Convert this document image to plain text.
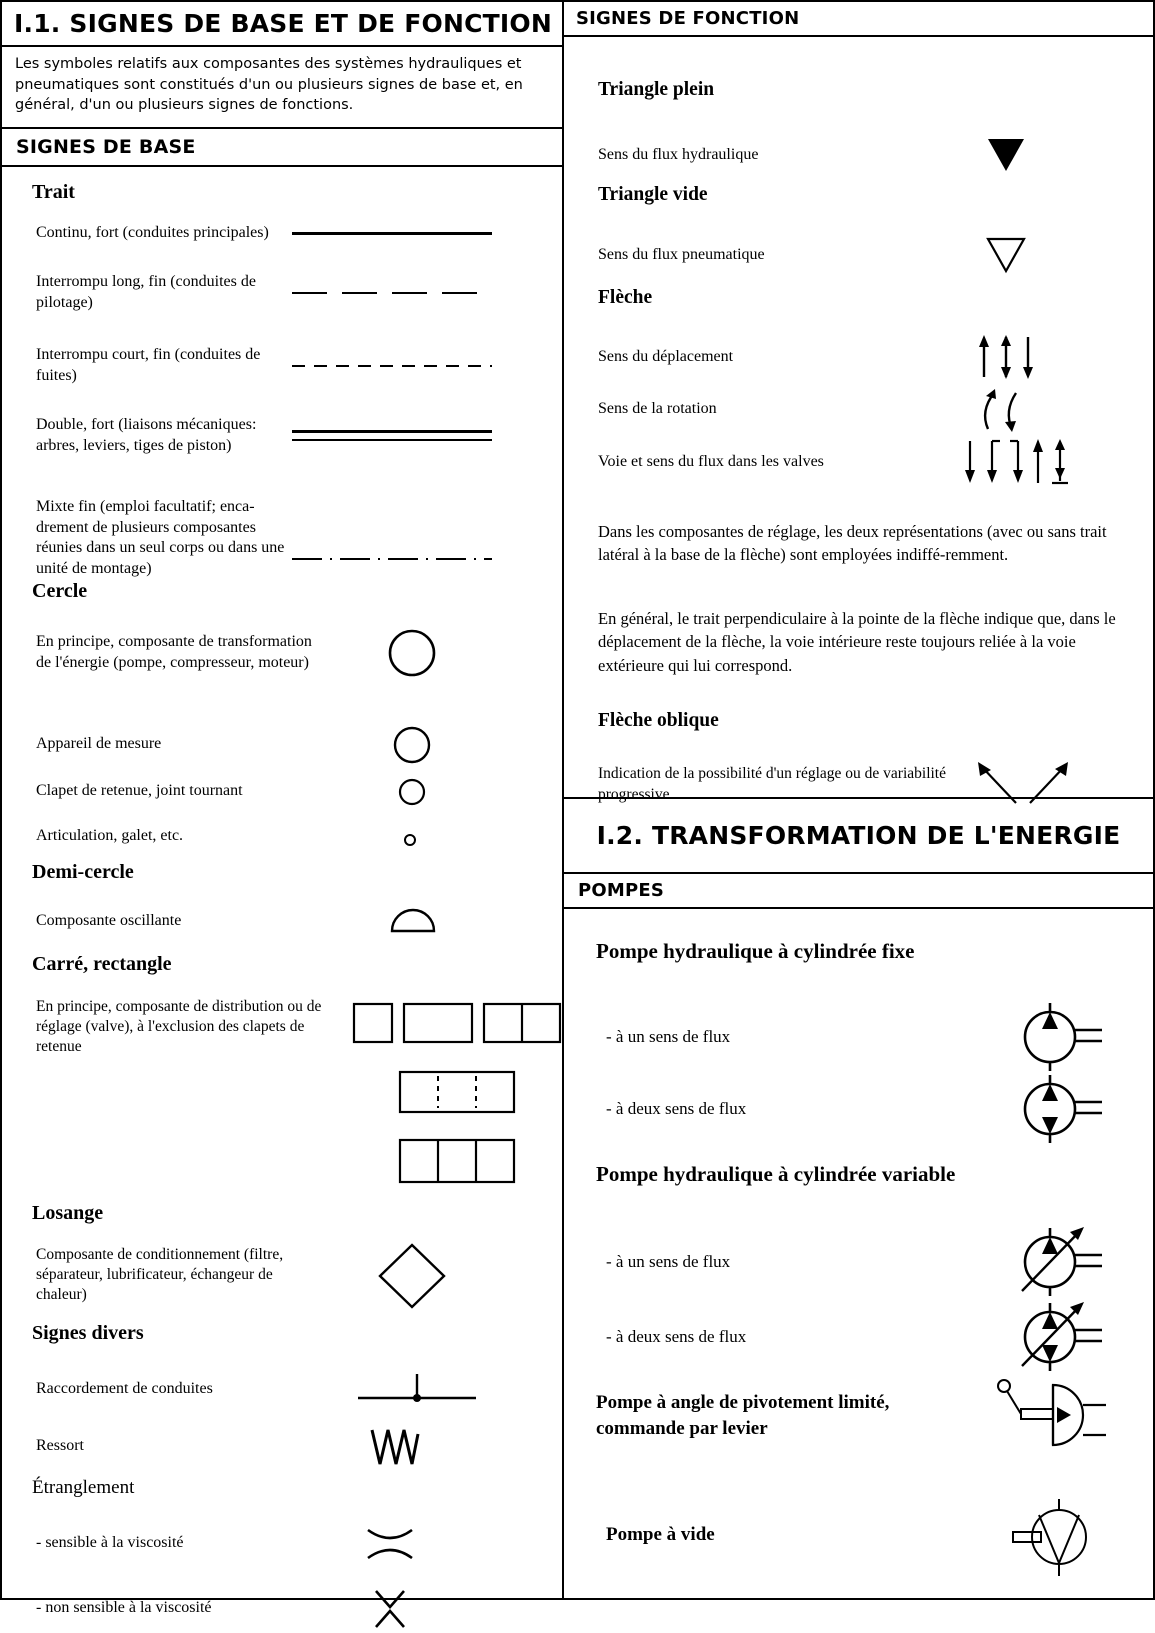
I.1. SIGNES DE BASE ET DE FONCTION
Les symboles relatifs aux composantes des systèmes hydrauliques et pneumatiques sont constitués d'un ou plusieurs signes de base et, en général, d'un ou plusieurs signes de fonctions.
SIGNES DE BASE
Trait
Continu, fort (conduites principales)
Interrompu long, fin (conduites de pilotage)
Interrompu court, fin (conduites de fuites)
Double, fort (liaisons mécaniques: arbres, leviers, tiges de piston)
Mixte fin (emploi facultatif; enca-drement de plusieurs composantes réunies dans un seul corps ou dans une unité de montage)
Cercle
En principe, composante de transformation de l'énergie (pompe, compresseur, moteur)
Appareil de mesure
Clapet de retenue, joint tournant
Articulation, galet, etc.
Demi-cercle
Composante oscillante
Carré, rectangle
En principe, composante de distribution ou de réglage (valve), à l'exclusion des clapets de retenue
Losange
Composante de conditionnement (filtre, séparateur, lubrificateur, échangeur de chaleur)
Signes divers
Raccordement de conduites
Ressort
Étranglement
- sensible à la viscosité
- non sensible à la viscosité
SIGNES DE FONCTION
Triangle plein
Sens du flux hydraulique
Triangle vide
Sens du flux pneumatique
Flèche
Sens du déplacement
Sens de la rotation
Voie et sens du flux dans les valves
Dans les composantes de réglage, les deux représentations (avec ou sans trait latéral à la base de la flèche) sont employées indiffé-remment.
En général, le trait perpendiculaire à la pointe de la flèche indique que, dans le déplacement de la flèche, la voie intérieure reste toujours reliée à la voie extérieure qui lui correspond.
Flèche oblique
Indication de la possibilité d'un réglage ou de variabilité progressive
I.2. TRANSFORMATION DE L'ENERGIE
POMPES
Pompe hydraulique à cylindrée fixe
- à un sens de flux
- à deux sens de flux
Pompe hydraulique à cylindrée variable
- à un sens de flux
- à deux sens de flux
Pompe à angle de pivotement limité, commande par levier
Pompe à vide
